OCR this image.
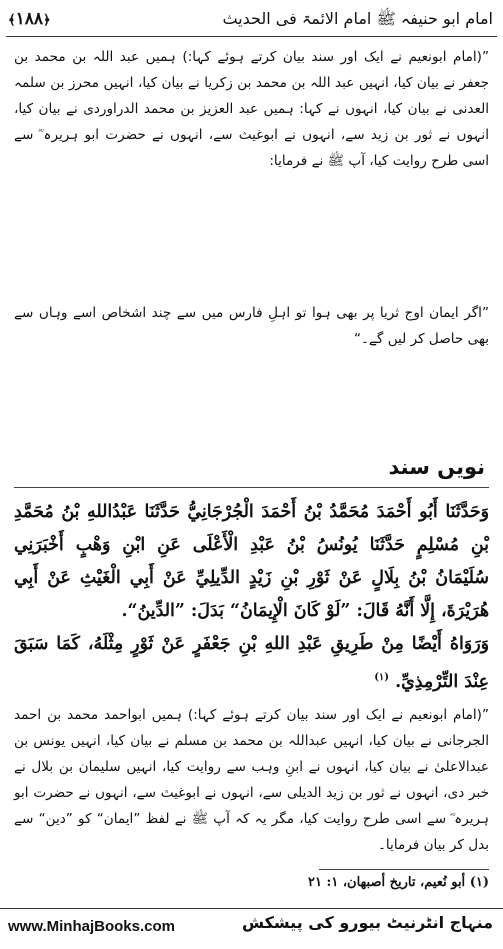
﴾۱۸۸﴿	امام ابو حنیفہ ﷺ امام الائمۃ فی الحدیث

”(امام ابونعیم نے ایک اور سند بیان کرتے ہوئے کہا:) ہمیں عبد اللہ بن محمد بن جعفر نے بیان کیا، انہیں عبد اللہ بن محمد بن زکریا نے بیان کیا، انہیں محرز بن سلمہ العدنی نے بیان کیا، انہوں نے کہا: ہمیں عبد العزیز بن محمد الدراوردی نے بیان کیا، انہوں نے ثور بن زید سے، انہوں نے ابوغیث سے، انہوں نے حضرت ابو ہریرہ ؓ سے اسی طرح روایت کیا، آپ ﷺ نے فرمایا:

”اگر ایمان اوج ثریا پر بھی ہوا تو اہلِ فارس میں سے چند اشخاص اسے وہاں سے بھی حاصل کر لیں گے۔“

نویں سند

وَحَدَّثَنَا أَبُو أَحْمَدَ مُحَمَّدُ بْنُ أَحْمَدَ الْجُرْجَانِيُّ حَدَّثَنَا عَبْدُاللهِ بْنُ مُحَمَّدِ بْنِ مُسْلِمٍ حَدَّثَنَا يُونُسُ بْنُ عَبْدِ الْأَعْلَى عَنِ ابْنِ وَهْبٍ أَخْبَرَنِي سُلَيْمَانُ بْنُ بِلَالٍ عَنْ ثَوْرِ بْنِ زَيْدٍ الدِّيلِيِّ عَنْ أَبِي الْغَيْثِ عَنْ أَبِي هُرَيْرَةَ، إِلَّا أَنَّهُ قَالَ: ”لَوْ كَانَ الْإِيمَانُ“ بَدَلَ: ”الدِّينُ“.

وَرَوَاهُ أَيْضًا مِنْ طَرِيقِ عَبْدِ اللهِ بْنِ جَعْفَرٍ عَنْ ثَوْرٍ مِثْلَهُ، كَمَا سَبَقَ عِنْدَ التِّرْمِذِيِّ. $^{(١)}$

”(امام ابونعیم نے ایک اور سند بیان کرتے ہوئے کہا:) ہمیں ابواحمد محمد بن احمد الجرجانی نے بیان کیا، انہیں عبداللہ بن محمد بن مسلم نے بیان کیا، انہیں یونس بن عبدالاعلیٰ نے بیان کیا، انہوں نے ابنِ وہب سے روایت کیا، انہیں سلیمان بن بلال نے خبر دی، انہوں نے ثور بن زید الدیلی سے، انہوں نے ابوغیث سے، انہوں نے حضرت ابو ہریرہ ؓ سے اسی طرح روایت کیا، مگر یہ کہ آپ ﷺ نے لفظ ”ایمان“ کو ”دین“ سے بدل کر بیان فرمایا۔

(١) أبو نُعيم، تاريخ أصبهان، ١: ٢١
www.MinhajBooks.com	منہاج انٹرنیٹ بیورو کی پیشکش
